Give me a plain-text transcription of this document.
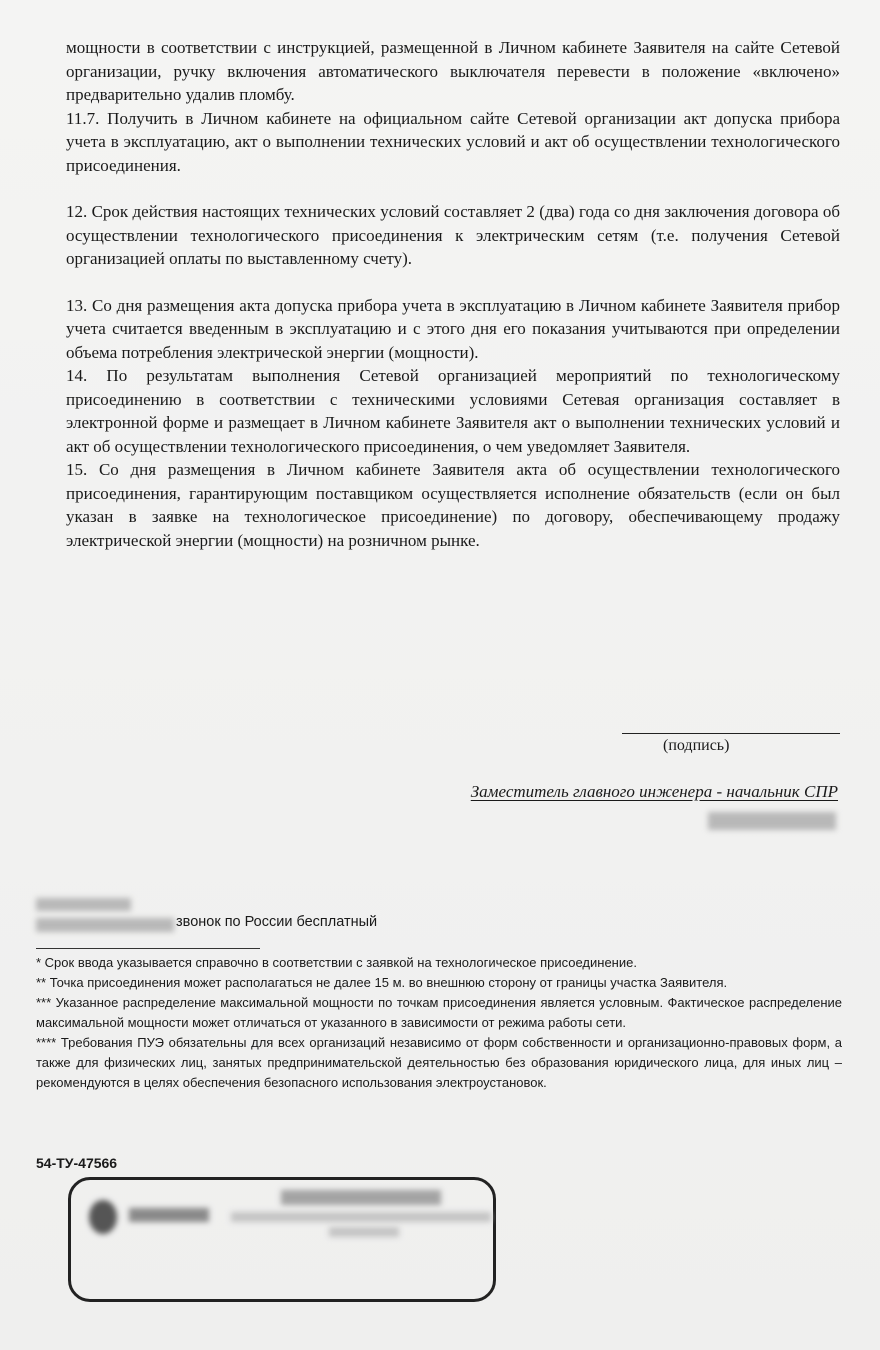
мощности в соответствии с инструкцией, размещенной в Личном кабинете Заявителя на сайте Сетевой организации, ручку включения автоматического выключателя перевести в положение «включено» предварительно удалив пломбу.

11.7. Получить в Личном кабинете на официальном сайте Сетевой организации акт допуска прибора учета в эксплуатацию, акт о выполнении технических условий и акт об осуществлении технологического присоединения.

12. Срок действия настоящих технических условий составляет 2 (два) года со дня заключения договора об осуществлении технологического присоединения к электрическим сетям (т.е. получения Сетевой организацией оплаты по выставленному счету).

13. Со дня размещения акта допуска прибора учета в эксплуатацию в Личном кабинете Заявителя прибор учета считается введенным в эксплуатацию и с этого дня его показания учитываются при определении объема потребления электрической энергии (мощности).

14. По результатам выполнения Сетевой организацией мероприятий по технологическому присоединению в соответствии с техническими условиями Сетевая организация составляет в электронной форме и размещает в Личном кабинете Заявителя акт о выполнении технических условий и акт об осуществлении технологического присоединения, о чем уведомляет Заявителя.

15. Со дня размещения в Личном кабинете Заявителя акта об осуществлении технологического присоединения, гарантирующим поставщиком осуществляется исполнение обязательств (если он был указан в заявке на технологическое присоединение) по договору, обеспечивающему продажу электрической энергии (мощности) на розничном рынке.

(подпись)
Заместитель главного инженера - начальник СПР
звонок по России бесплатный

* Срок ввода указывается справочно в соответствии с заявкой на технологическое присоединение.

** Точка присоединения может располагаться не далее 15 м. во внешнюю сторону от границы участка Заявителя.

*** Указанное распределение максимальной мощности по точкам присоединения является условным. Фактическое распределение максимальной мощности может отличаться от указанного в зависимости от режима работы сети.

**** Требования ПУЭ обязательны для всех организаций независимо от форм собственности и организационно-правовых форм, а также для физических лиц, занятых предпринимательской деятельностью без образования юридического лица, для иных лиц – рекомендуются в целях обеспечения безопасного использования электроустановок.

54-ТУ-47566
